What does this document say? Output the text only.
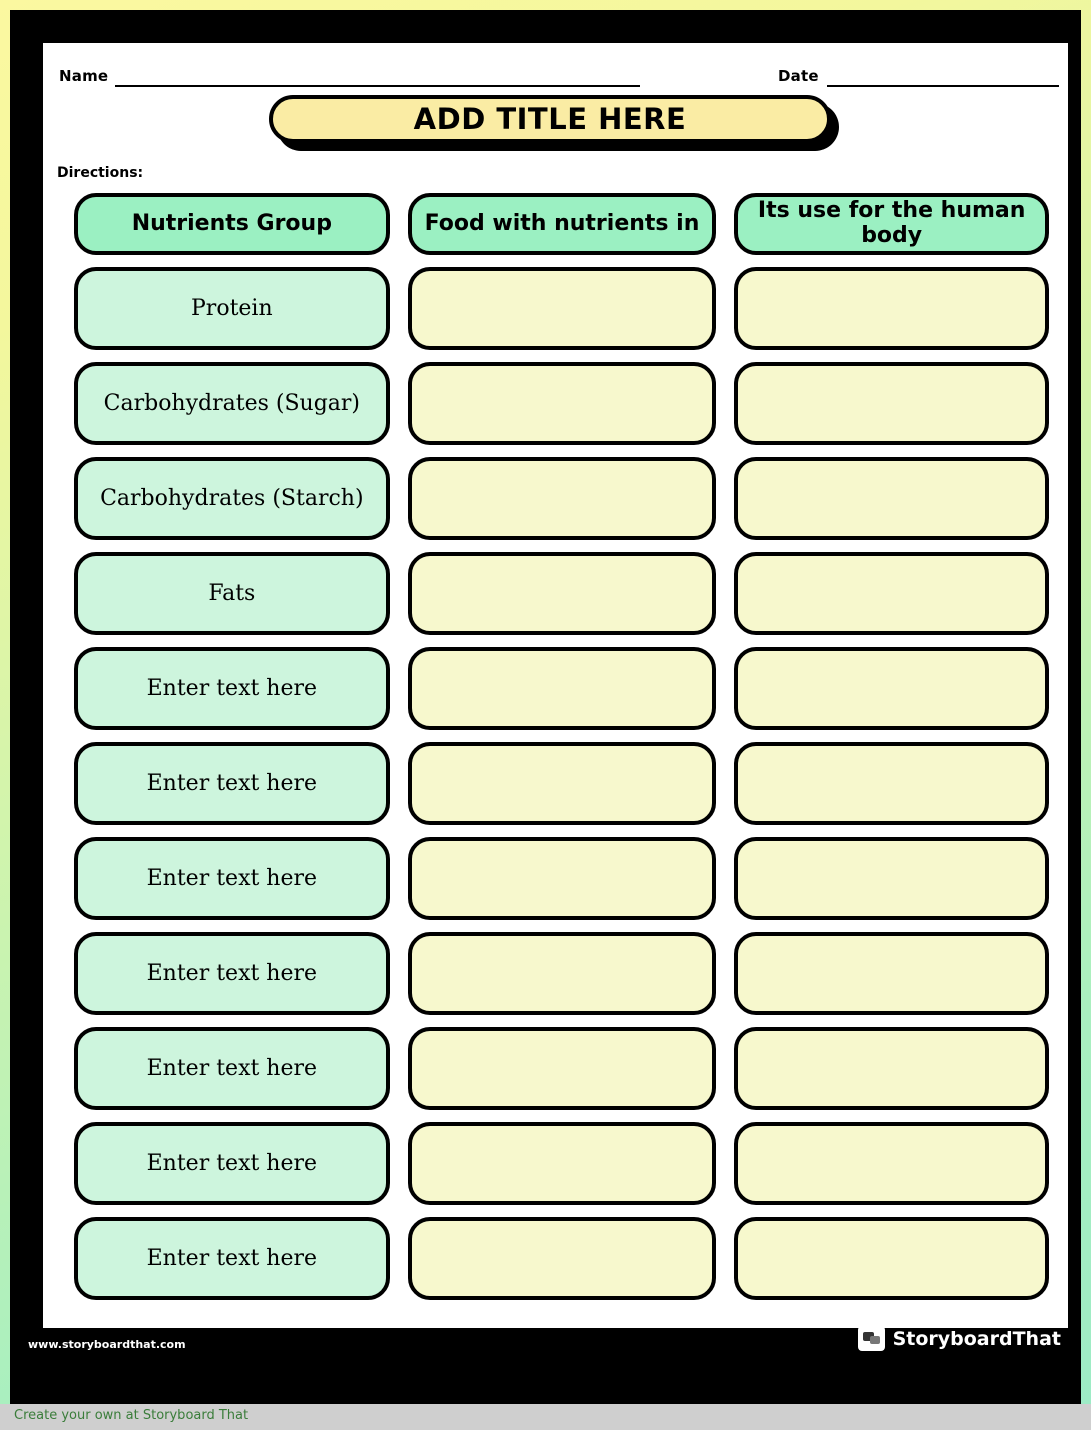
Name	Date
ADD TITLE HERE
Directions:
Nutrients Group	Food with nutrients in	Its use for the human body
Protein
Carbohydrates (Sugar)
Carbohydrates (Starch)
Fats
Enter text here
Enter text here
Enter text here
Enter text here
Enter text here
Enter text here
Enter text here
www.storyboardthat.com	StoryboardThat
Create your own at Storyboard That
